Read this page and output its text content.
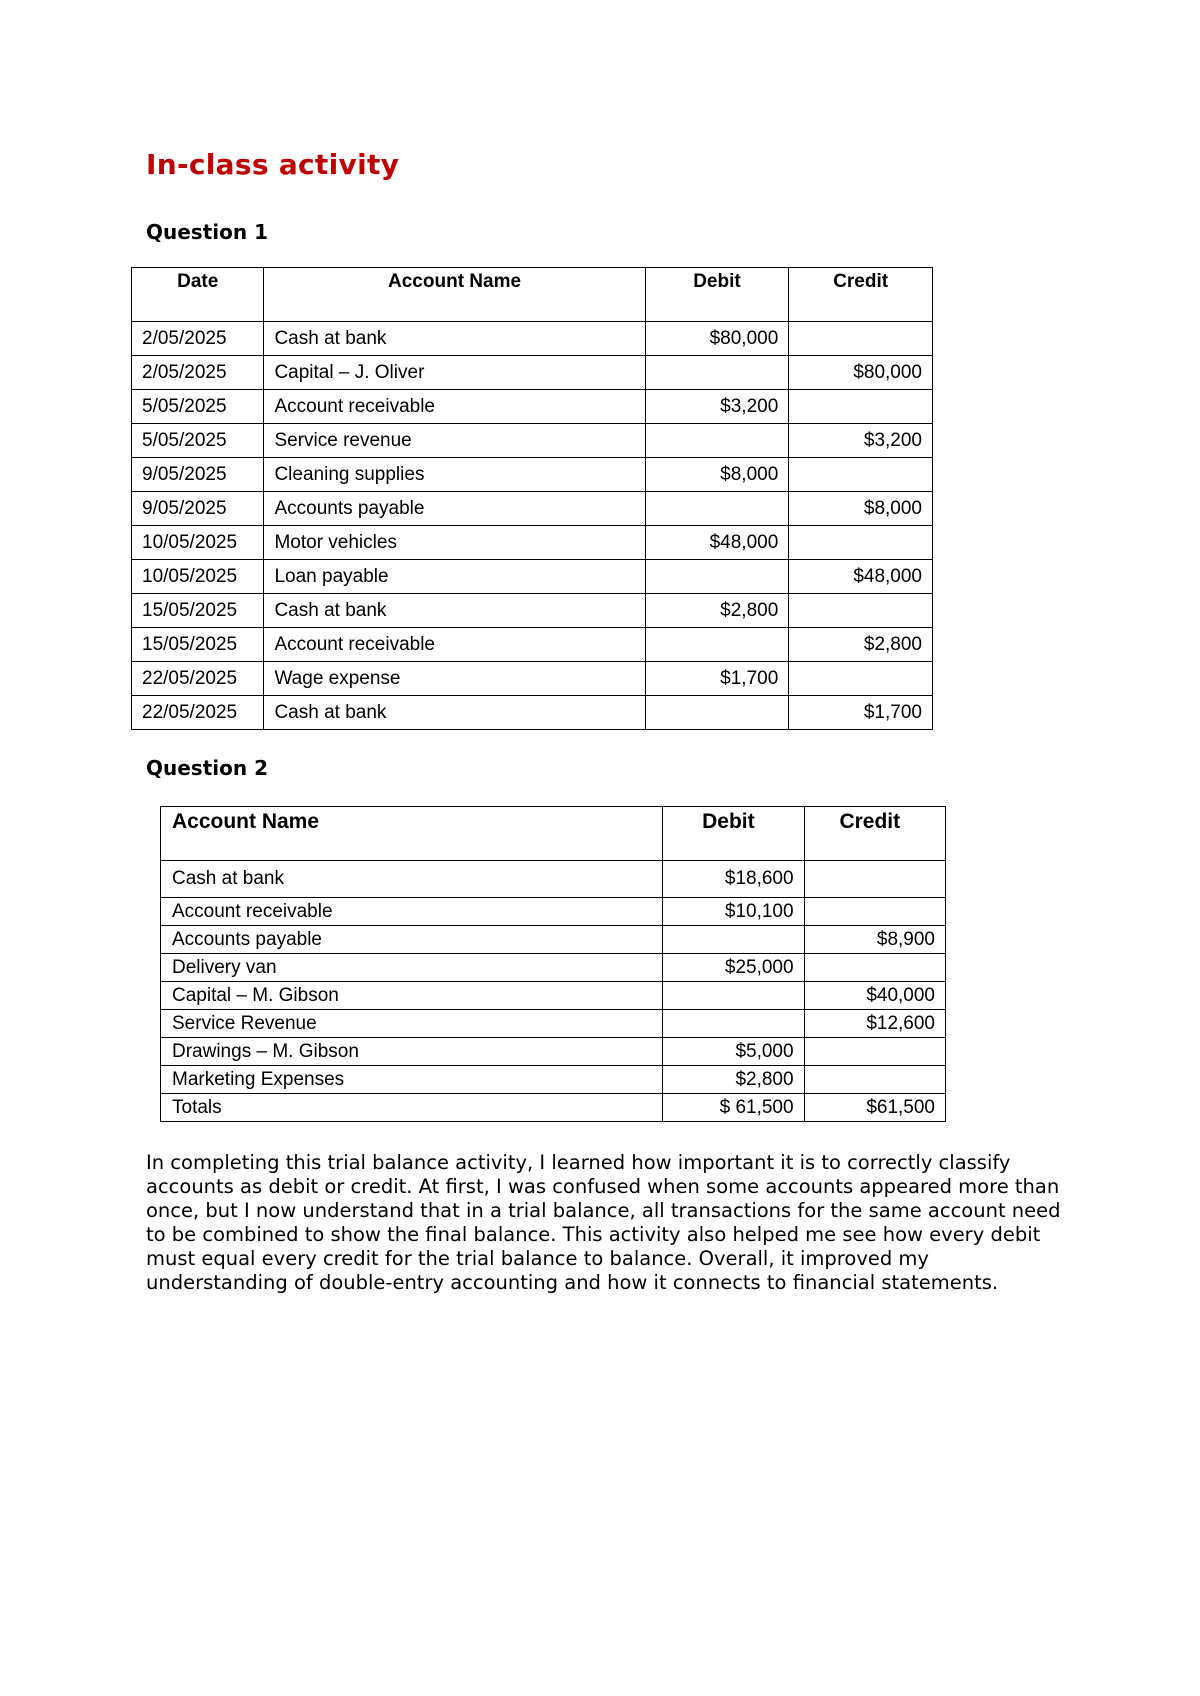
In-class activity
Question 1
Date	Account Name	Debit	Credit
2/05/2025	Cash at bank	$80,000	
2/05/2025	Capital – J. Oliver		$80,000
5/05/2025	Account receivable	$3,200	
5/05/2025	Service revenue		$3,200
9/05/2025	Cleaning supplies	$8,000	
9/05/2025	Accounts payable		$8,000
10/05/2025	Motor vehicles	$48,000	
10/05/2025	Loan payable		$48,000
15/05/2025	Cash at bank	$2,800	
15/05/2025	Account receivable		$2,800
22/05/2025	Wage expense	$1,700	
22/05/2025	Cash at bank		$1,700
Question 2
Account Name	Debit	Credit
Cash at bank	$18,600	
Account receivable	$10,100	
Accounts payable		$8,900
Delivery van	$25,000	
Capital – M. Gibson		$40,000
Service Revenue		$12,600
Drawings – M. Gibson	$5,000	
Marketing Expenses	$2,800	
Totals	$ 61,500	$61,500

In completing this trial balance activity, I learned how important it is to correctly classify accounts as debit or credit. At first, I was confused when some accounts appeared more than once, but I now understand that in a trial balance, all transactions for the same account need to be combined to show the final balance. This activity also helped me see how every debit must equal every credit for the trial balance to balance. Overall, it improved my understanding of double-entry accounting and how it connects to financial statements.
